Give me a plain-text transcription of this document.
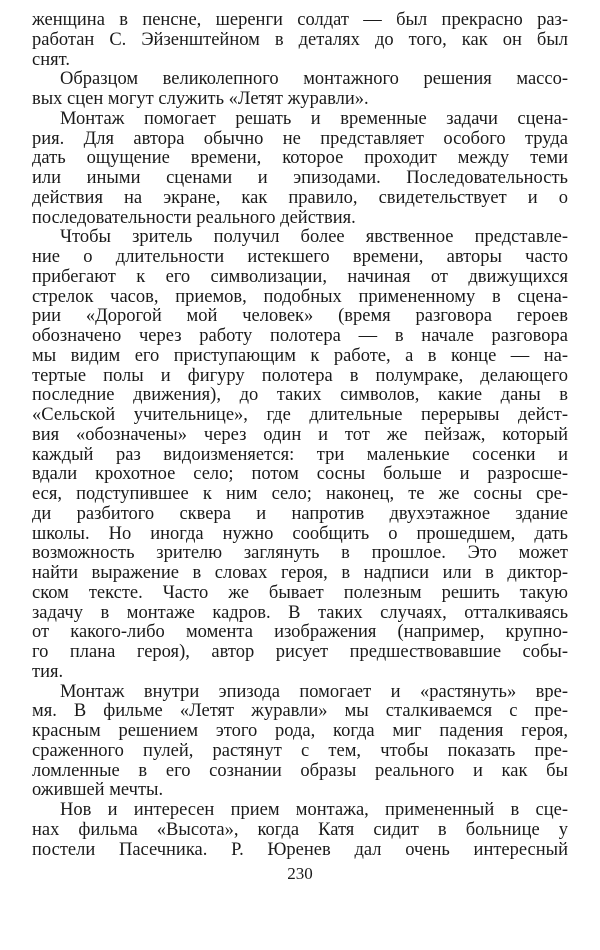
женщина в пенсне, шеренги солдат — был прекрасно раз-
работан С. Эйзенштейном в деталях до того, как он был
снят.
Образцом великолепного монтажного решения массо-
вых сцен могут служить «Летят журавли».
Монтаж помогает решать и временные задачи сцена-
рия. Для автора обычно не представляет особого труда
дать ощущение времени, которое проходит между теми
или иными сценами и эпизодами. Последовательность
действия на экране, как правило, свидетельствует и о
последовательности реального действия.
Чтобы зритель получил более явственное представле-
ние о длительности истекшего времени, авторы часто
прибегают к его символизации, начиная от движущихся
стрелок часов, приемов, подобных примененному в сцена-
рии «Дорогой мой человек» (время разговора героев
обозначено через работу полотера — в начале разговора
мы видим его приступающим к работе, а в конце — на-
тертые полы и фигуру полотера в полумраке, делающего
последние движения), до таких символов, какие даны в
«Сельской учительнице», где длительные перерывы дейст-
вия «обозначены» через один и тот же пейзаж, который
каждый раз видоизменяется: три маленькие сосенки и
вдали крохотное село; потом сосны больше и разросше-
еся, подступившее к ним село; наконец, те же сосны сре-
ди разбитого сквера и напротив двухэтажное здание
школы. Но иногда нужно сообщить о прошедшем, дать
возможность зрителю заглянуть в прошлое. Это может
найти выражение в словах героя, в надписи или в диктор-
ском тексте. Часто же бывает полезным решить такую
задачу в монтаже кадров. В таких случаях, отталкиваясь
от какого-либо момента изображения (например, крупно-
го плана героя), автор рисует предшествовавшие собы-
тия.
Монтаж внутри эпизода помогает и «растянуть» вре-
мя. В фильме «Летят журавли» мы сталкиваемся с пре-
красным решением этого рода, когда миг падения героя,
сраженного пулей, растянут с тем, чтобы показать пре-
ломленные в его сознании образы реального и как бы
ожившей мечты.
Нов и интересен прием монтажа, примененный в сце-
нах фильма «Высота», когда Катя сидит в больнице у
постели Пасечника. Р. Юренев дал очень интересный
230
